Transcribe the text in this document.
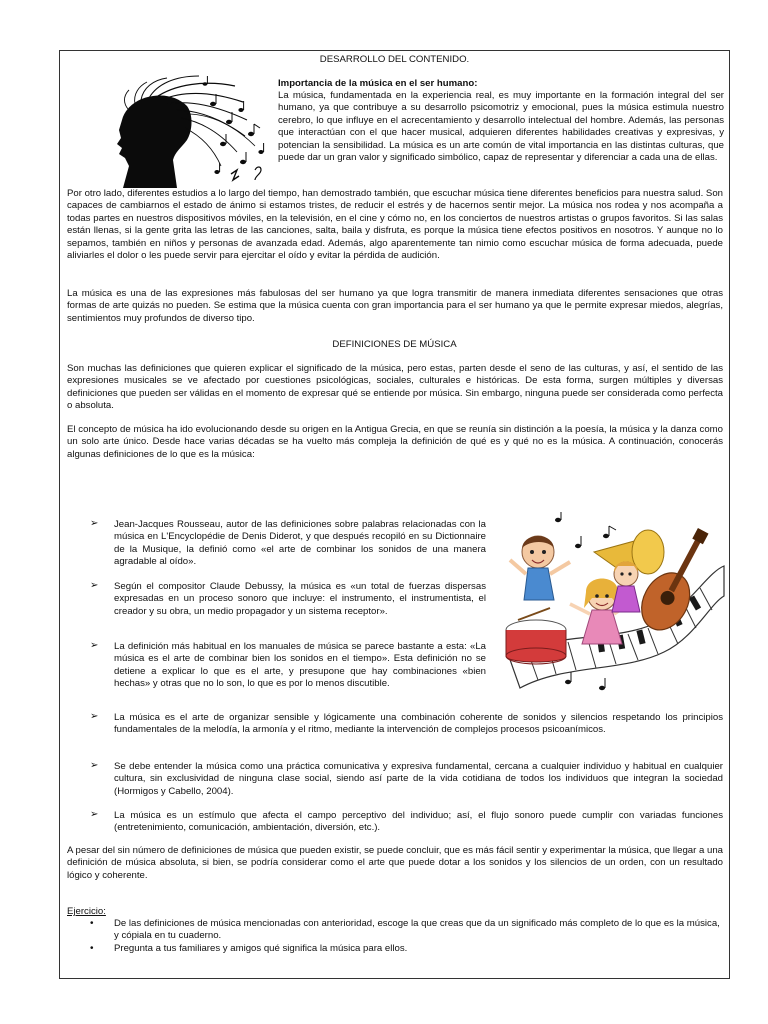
DESARROLLO DEL CONTENIDO.

Importancia de la música en el ser humano:

La música, fundamentada en la experiencia real, es muy importante en la formación integral del ser humano, ya que contribuye a su desarrollo psicomotriz y emocional, pues la música estimula nuestro cerebro, lo que influye en el acrecentamiento y desarrollo intelectual del hombre. Además, las personas que interactúan con el que hacer musical, adquieren diferentes habilidades creativas y expresivas, y potencian la sensibilidad. La música es un arte común de vital importancia en las distintas culturas, que puede dar un gran valor y significado simbólico, capaz de representar y diferenciar a cada una de ellas.

Por otro lado, diferentes estudios a lo largo del tiempo, han demostrado también, que escuchar música tiene diferentes beneficios para nuestra salud. Son capaces de cambiarnos el estado de ánimo si estamos tristes, de reducir el estrés y de hacernos sentir mejor. La música nos rodea y nos acompaña a todas partes en nuestros dispositivos móviles, en la televisión, en el cine y cómo no, en los conciertos de nuestros artistas o grupos favoritos. Si las salas están llenas, si la gente grita las letras de las canciones, salta, baila y disfruta, es porque la música tiene efectos positivos en nosotros. Y aunque no lo sepamos, también en niños y personas de avanzada edad. Además, algo aparentemente tan nimio como escuchar música de forma adecuada, puede aliviarles el dolor o les puede servir para ejercitar el oído y evitar la pérdida de audición.

La música es una de las expresiones más fabulosas del ser humano ya que logra transmitir de manera inmediata diferentes sensaciones que otras formas de arte quizás no pueden. Se estima que la música cuenta con gran importancia para el ser humano ya que le permite expresar miedos, alegrías, sentimientos muy profundos de diverso tipo.

DEFINICIONES DE MÚSICA

Son muchas las definiciones que quieren explicar el significado de la música, pero estas, parten desde el seno de las culturas, y así, el sentido de las expresiones musicales se ve afectado por cuestiones psicológicas, sociales, culturales e históricas. De esta forma, surgen múltiples y diversas definiciones que pueden ser válidas en el momento de expresar qué se entiende por música. Sin embargo, ninguna puede ser considerada como perfecta o absoluta.

El concepto de música ha ido evolucionando desde su origen en la Antigua Grecia, en que se reunía sin distinción a la poesía, la música y la danza como un solo arte único. Desde hace varias décadas se ha vuelto más compleja la definición de qué es y qué no es la música. A continuación, conocerás algunas definiciones de lo que es la música:

➢ Jean-Jacques Rousseau, autor de las definiciones sobre palabras relacionadas con la música en L'Encyclopédie de Denis Diderot, y que después recopiló en su Dictionnaire de la Musique, la definió como «el arte de combinar los sonidos de una manera agradable al oído».

➢ Según el compositor Claude Debussy, la música es «un total de fuerzas dispersas expresadas en un proceso sonoro que incluye: el instrumento, el instrumentista, el creador y su obra, un medio propagador y un sistema receptor».

➢ La definición más habitual en los manuales de música se parece bastante a esta: «La música es el arte de combinar bien los sonidos en el tiempo». Esta definición no se detiene a explicar lo que es el arte, y presupone que hay combinaciones «bien hechas» y otras que no lo son, lo que es por lo menos discutible.

➢ La música es el arte de organizar sensible y lógicamente una combinación coherente de sonidos y silencios respetando los principios fundamentales de la melodía, la armonía y el ritmo, mediante la intervención de complejos procesos psicoanímicos.

➢ Se debe entender la música como una práctica comunicativa y expresiva fundamental, cercana a cualquier individuo y habitual en cualquier cultura, sin exclusividad de ninguna clase social, siendo así parte de la vida cotidiana de todos los individuos que integran la sociedad (Hormigos y Cabello, 2004).

➢ La música es un estímulo que afecta el campo perceptivo del individuo; así, el flujo sonoro puede cumplir con variadas funciones (entretenimiento, comunicación, ambientación, diversión, etc.).

A pesar del sin número de definiciones de música que pueden existir, se puede concluir, que es más fácil sentir y experimentar la música, que llegar a una definición de música absoluta, si bien, se podría considerar como el arte que puede dotar a los sonidos y los silencios de un orden, con un resultado lógico y coherente.

Ejercicio:

• De las definiciones de música mencionadas con anterioridad, escoge la que creas que da un significado más completo de lo que es la música, y cópiala en tu cuaderno.

• Pregunta a tus familiares y amigos qué significa la música para ellos.
